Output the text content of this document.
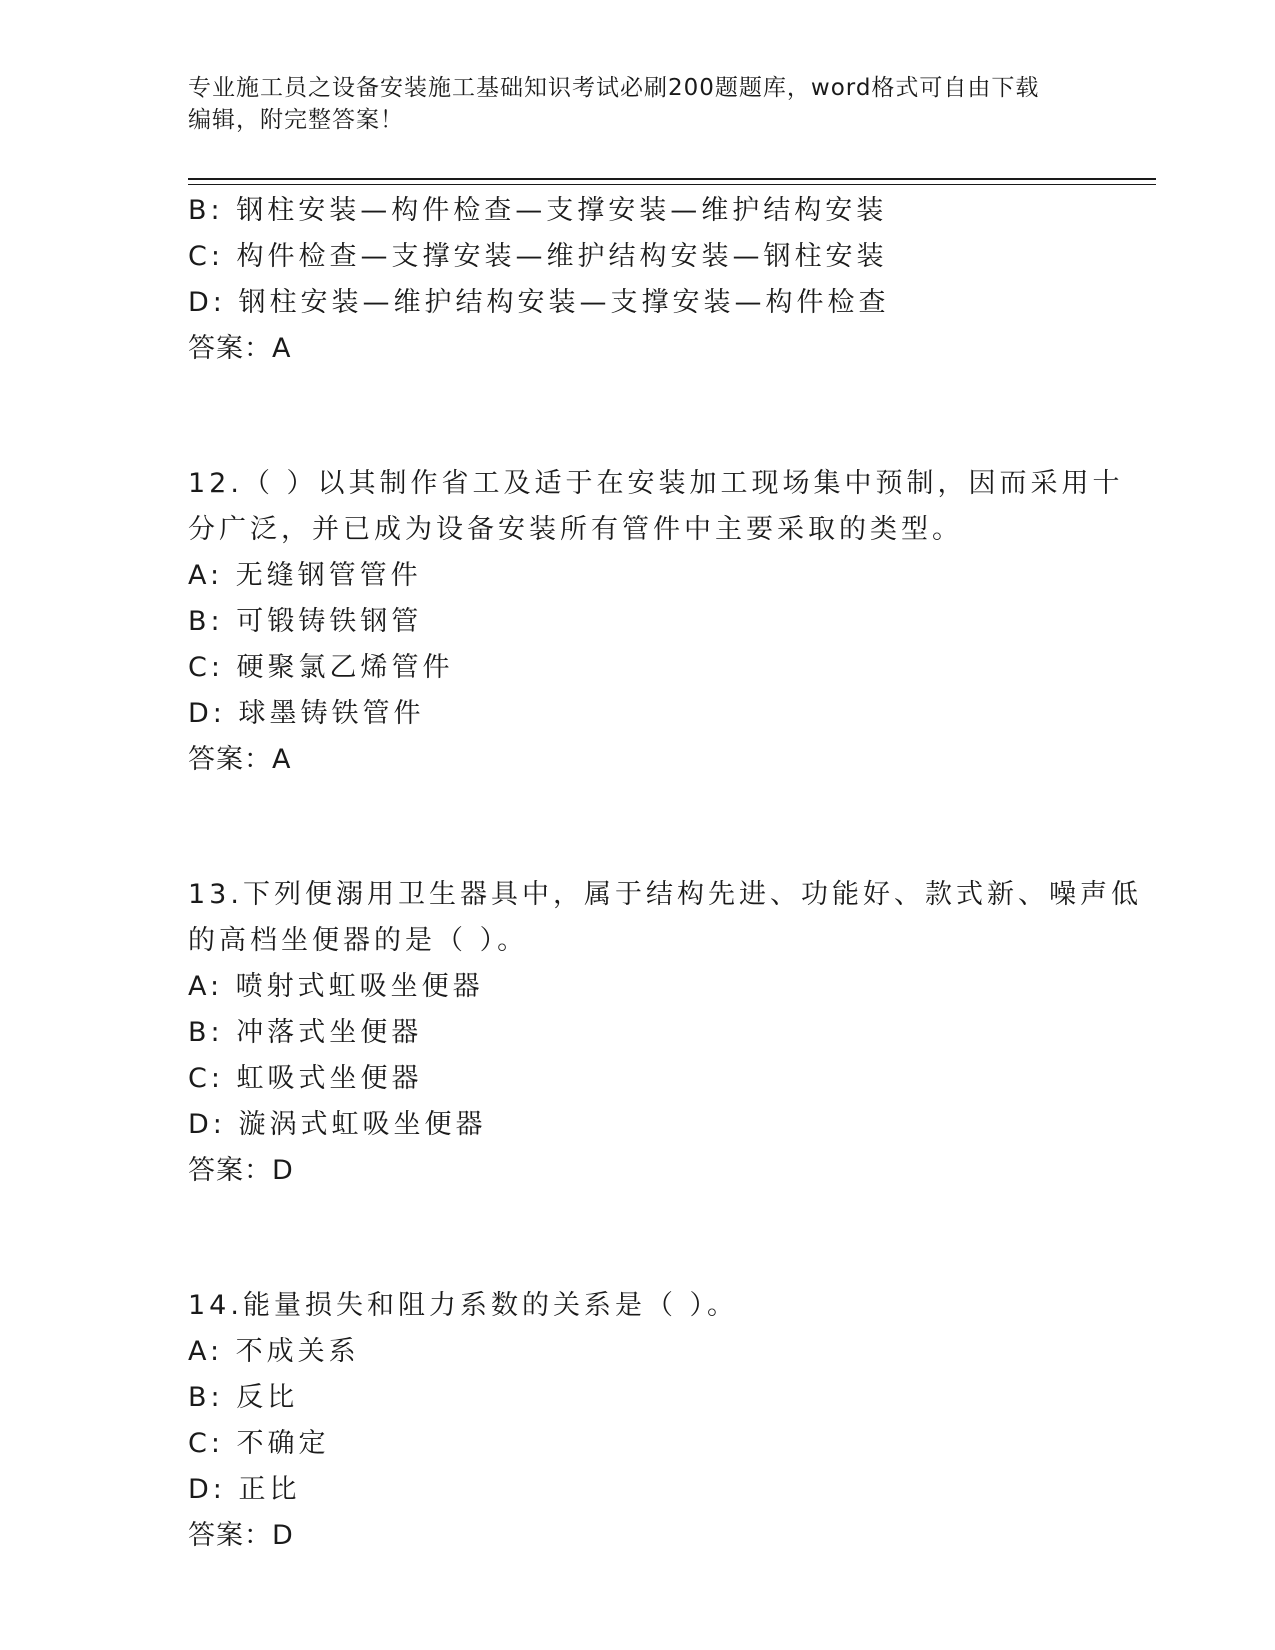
专业施工员之设备安装施工基础知识考试必刷200题题库，word格式可自由下载
编辑，附完整答案！
B: 钢柱安装—构件检查—支撑安装—维护结构安装
C: 构件检查—支撑安装—维护结构安装—钢柱安装
D: 钢柱安装—维护结构安装—支撑安装—构件检查
答案：A
12.（ ）以其制作省工及适于在安装加工现场集中预制，因而采用十
分广泛，并已成为设备安装所有管件中主要采取的类型。
A: 无缝钢管管件
B: 可锻铸铁钢管
C: 硬聚氯乙烯管件
D: 球墨铸铁管件
答案：A
13.下列便溺用卫生器具中，属于结构先进、功能好、款式新、噪声低
的高档坐便器的是（ ）。
A: 喷射式虹吸坐便器
B: 冲落式坐便器
C: 虹吸式坐便器
D: 漩涡式虹吸坐便器
答案：D
14.能量损失和阻力系数的关系是（ ）。
A: 不成关系
B: 反比
C: 不确定
D: 正比
答案：D
